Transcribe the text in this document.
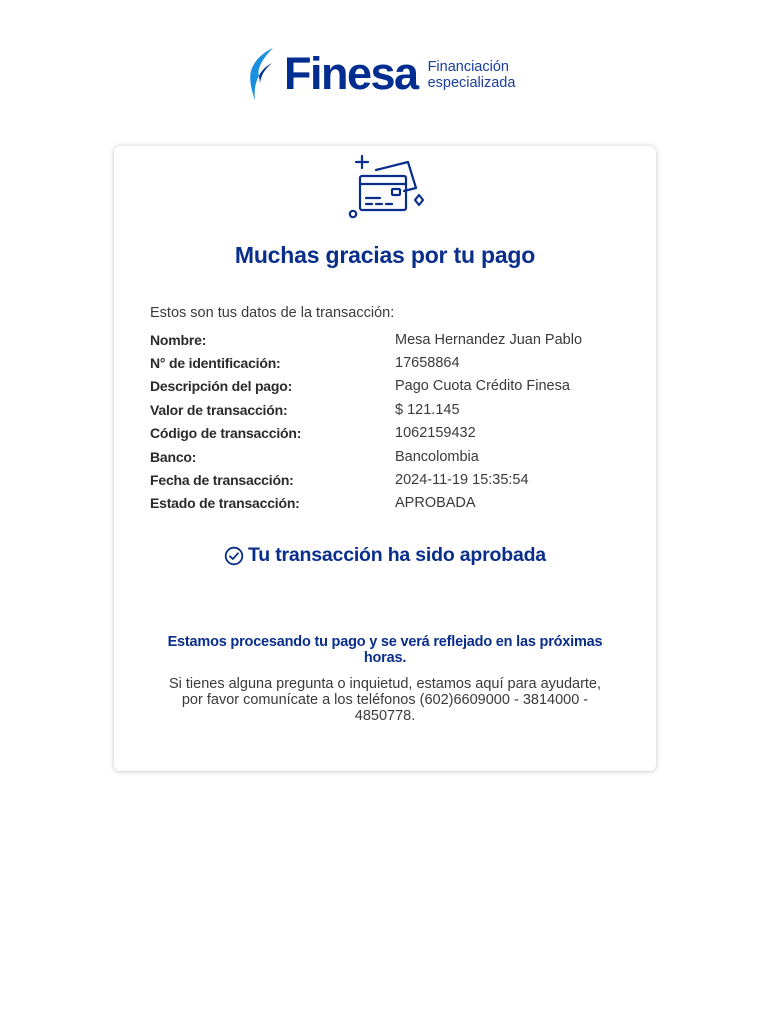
Finesa Financiación
especializada
Muchas gracias por tu pago
Estos son tus datos de la transacción:
Nombre:	Mesa Hernandez Juan Pablo
N° de identificación:	17658864
Descripción del pago:	Pago Cuota Crédito Finesa
Valor de transacción:	$ 121.145
Código de transacción:	1062159432
Banco:	Bancolombia
Fecha de transacción:	2024-11-19 15:35:54
Estado de transacción:	APROBADA
Tu transacción ha sido aprobada
Estamos procesando tu pago y se verá reflejado en las próximas horas.
Si tienes alguna pregunta o inquietud, estamos aquí para ayudarte, por favor comunícate a los teléfonos (602)6609000 - 3814000 - 4850778.
